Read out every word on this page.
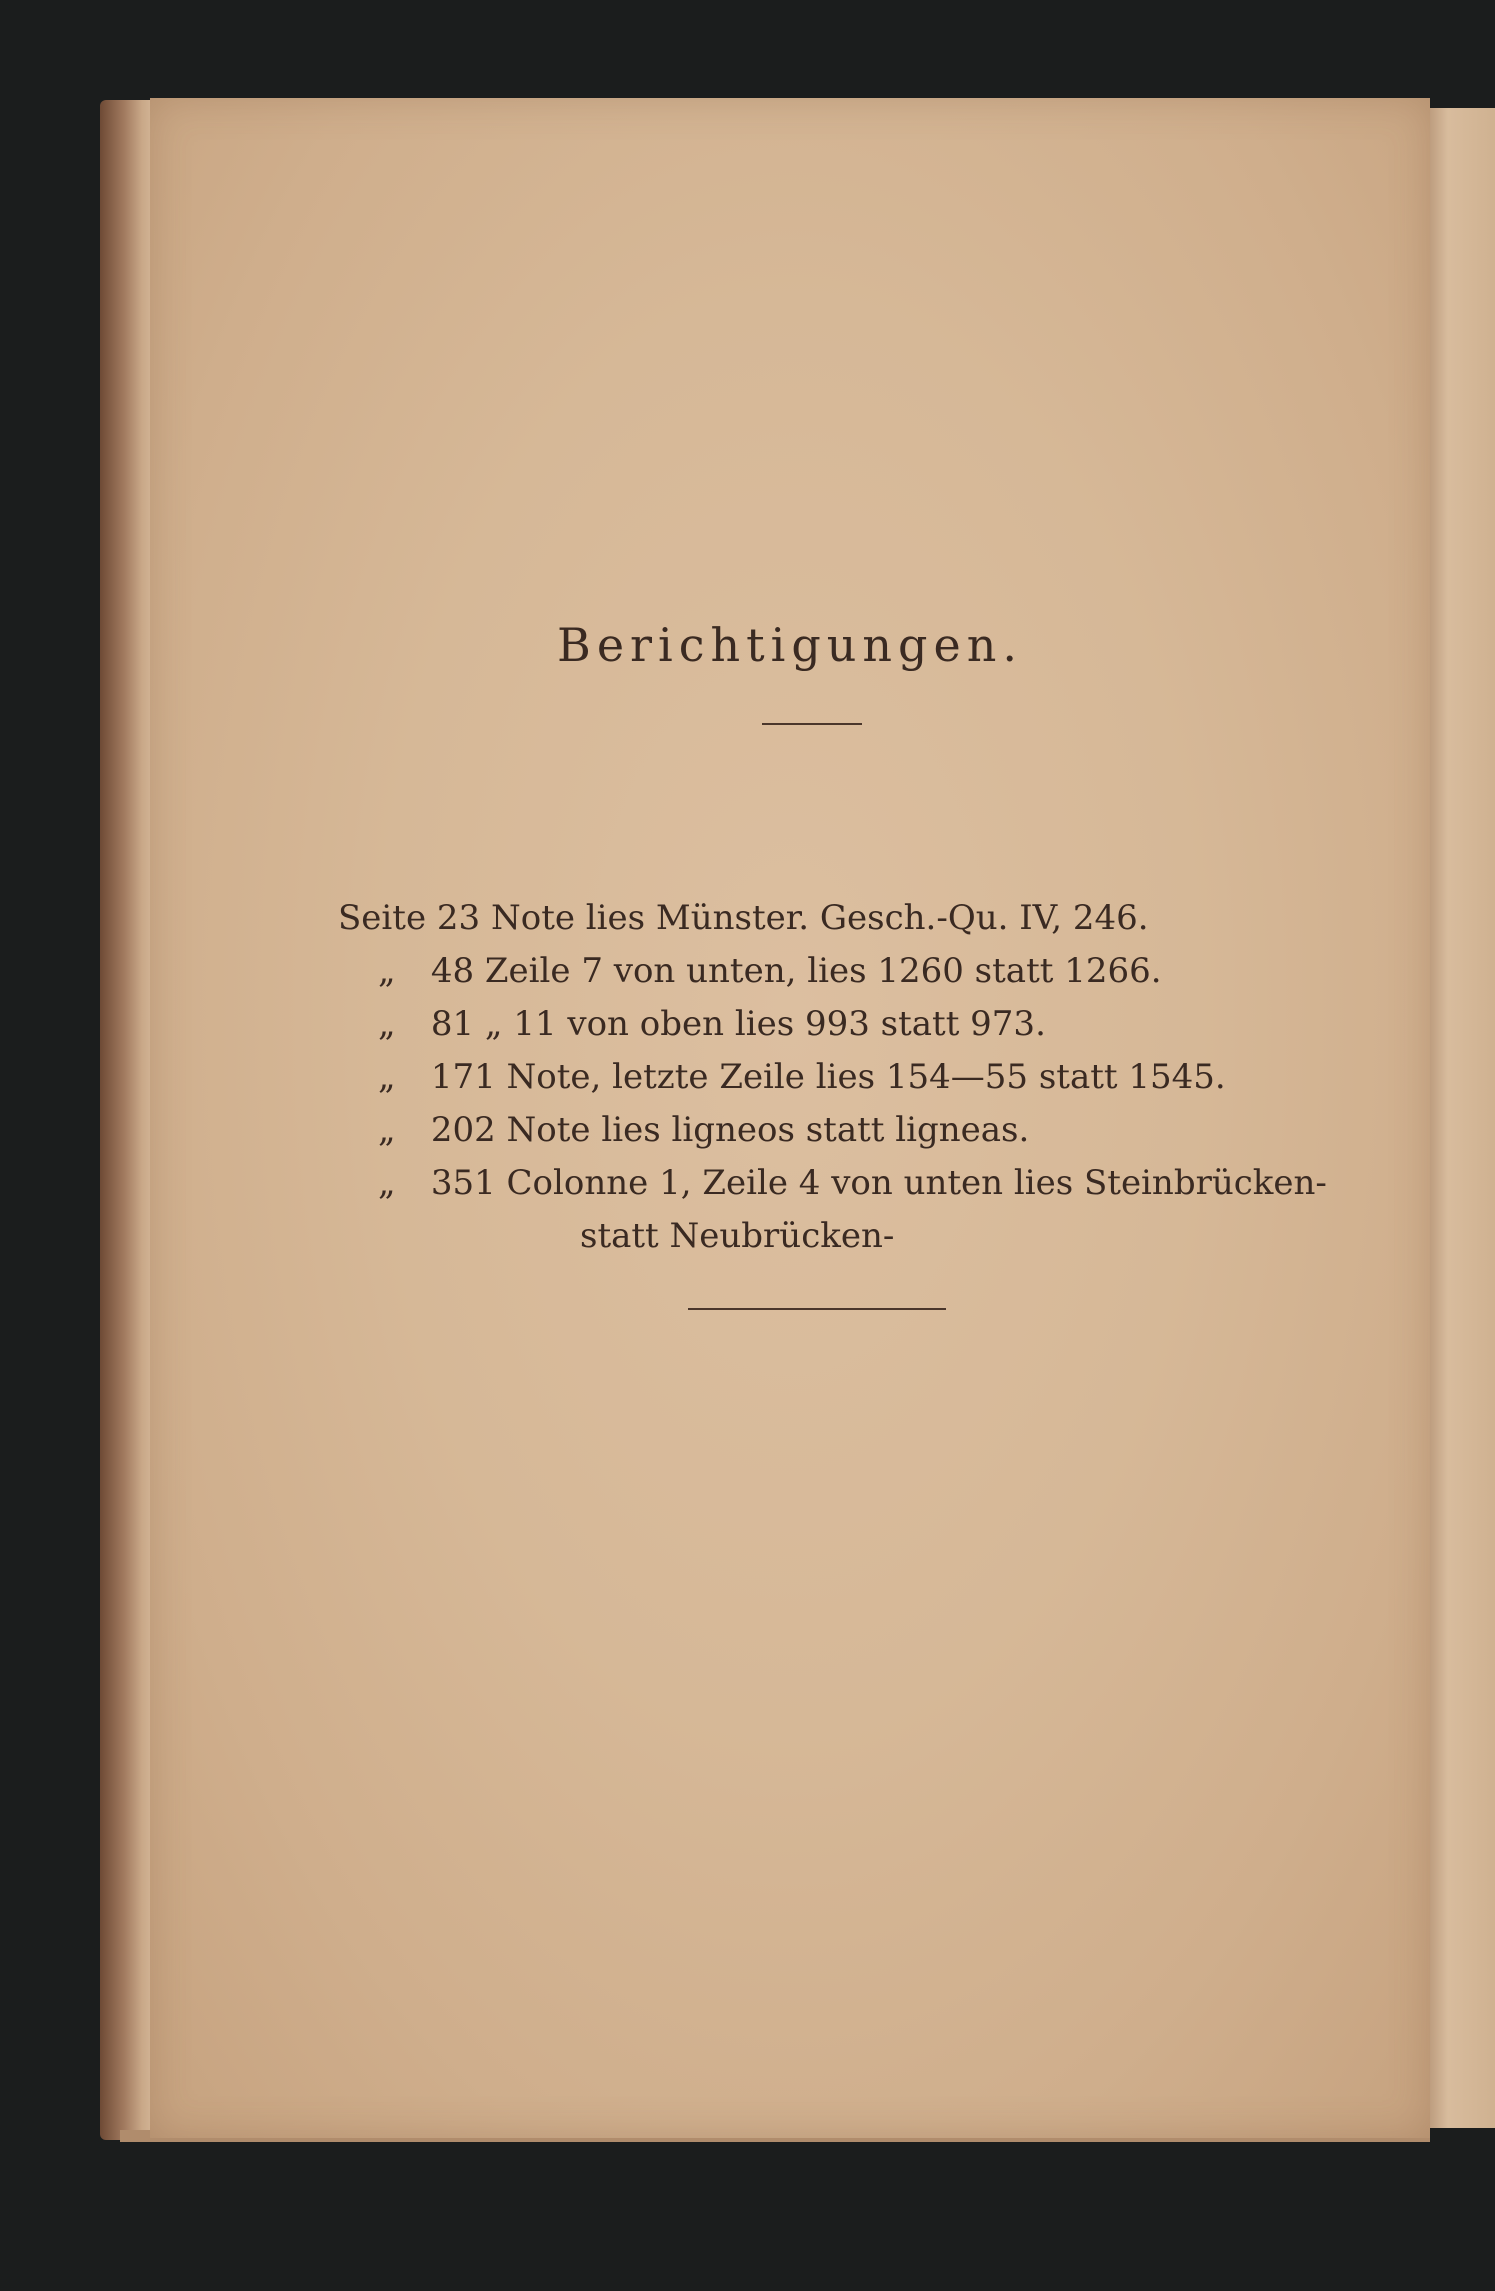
Berichtigungen.
Seite 23 Note lies Münster. Gesch.-Qu. IV, 246.
„ 48 Zeile 7 von unten, lies 1260 statt 1266.
„ 81 „ 11 von oben lies 993 statt 973.
„ 171 Note, letzte Zeile lies 154—55 statt 1545.
„ 202 Note lies ligneos statt ligneas.
„ 351 Colonne 1, Zeile 4 von unten lies Steinbrücken-
statt Neubrücken-
